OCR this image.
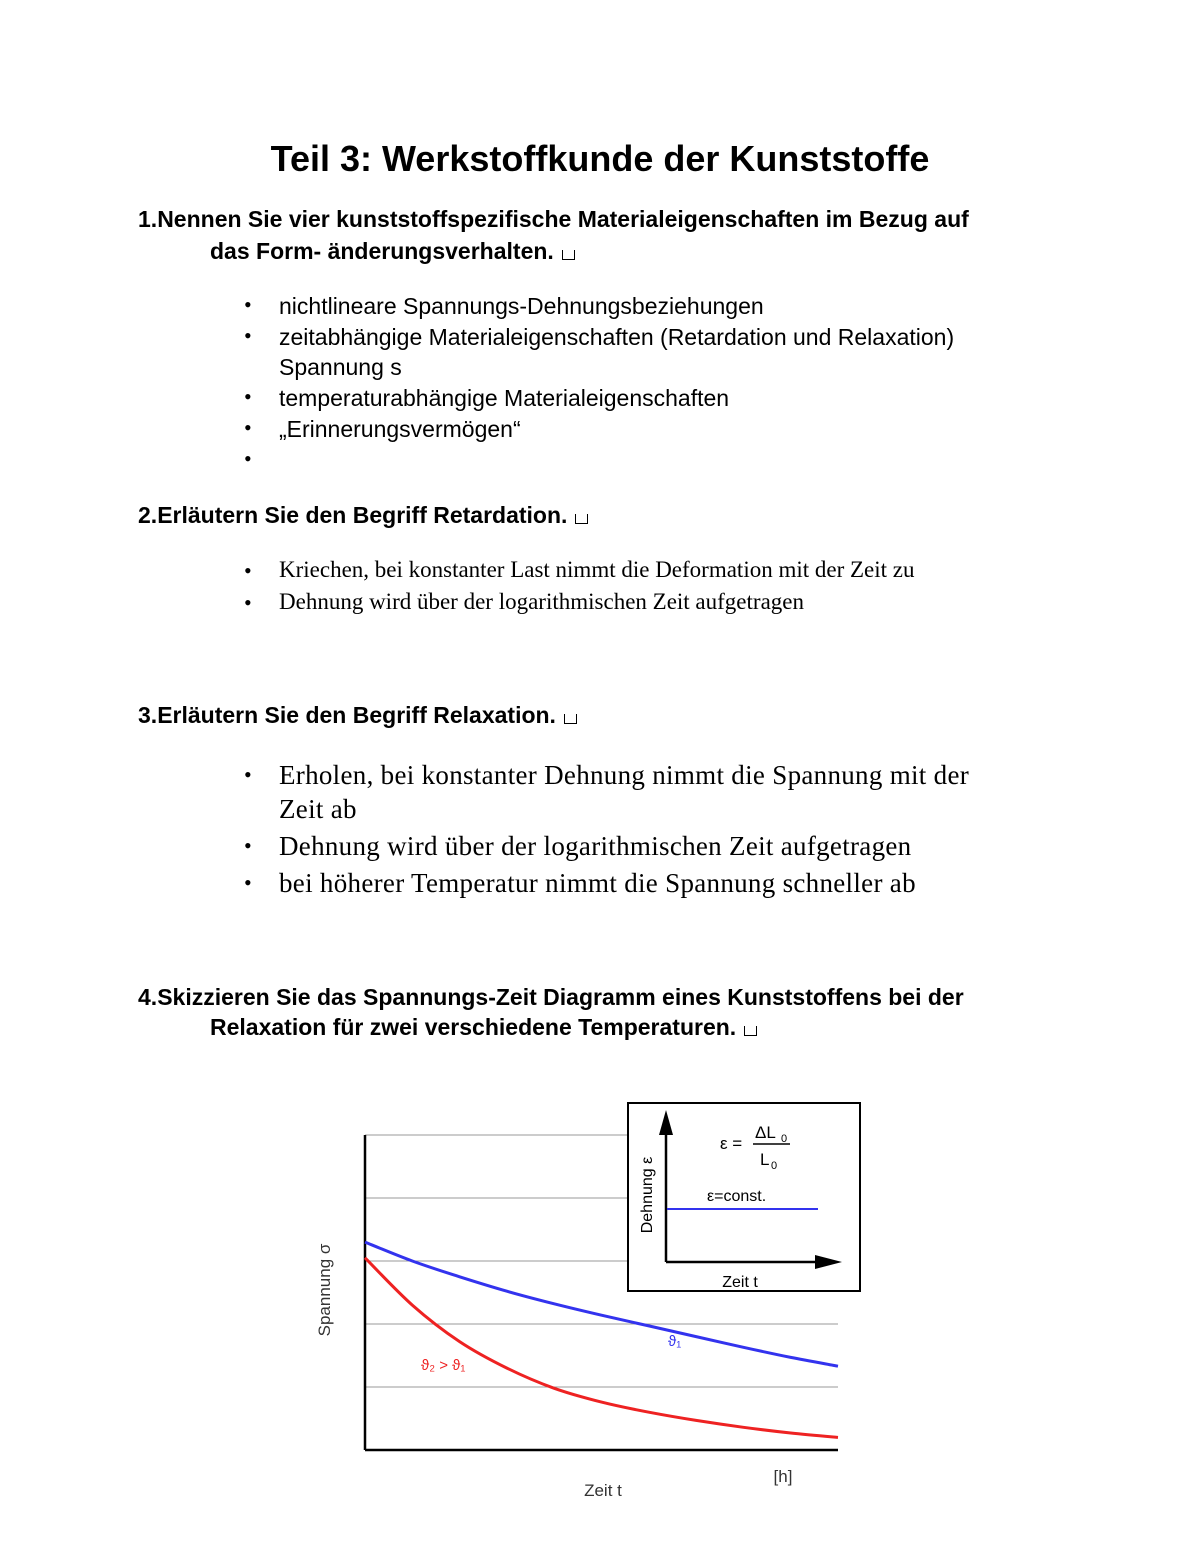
Teil 3: Werkstoffkunde der Kunststoffe
1.Nennen Sie vier kunststoffspezifische Materialeigenschaften im Bezug auf
das Form- änderungsverhalten.
• nichtlineare Spannungs-Dehnungsbeziehungen
• zeitabhängige Materialeigenschaften (Retardation und Relaxation)
Spannung s
• temperaturabhängige Materialeigenschaften
• „Erinnerungsvermögen“
•
2.Erläutern Sie den Begriff Retardation.
• Kriechen, bei konstanter Last nimmt die Deformation mit der Zeit zu
• Dehnung wird über der logarithmischen Zeit aufgetragen
3.Erläutern Sie den Begriff Relaxation.
• Erholen, bei konstanter Dehnung nimmt die Spannung mit der
Zeit ab
• Dehnung wird über der logarithmischen Zeit aufgetragen
• bei höherer Temperatur nimmt die Spannung schneller ab
4.Skizzieren Sie das Spannungs-Zeit Diagramm eines Kunststoffens bei der
Relaxation für zwei verschiedene Temperaturen.
ϑ₁
ϑ₂ > ϑ₁
Spannung σ
Zeit t
[h]
ε=const.
Dehnung ε
Zeit t
ε =
ΔL 0
L 0
